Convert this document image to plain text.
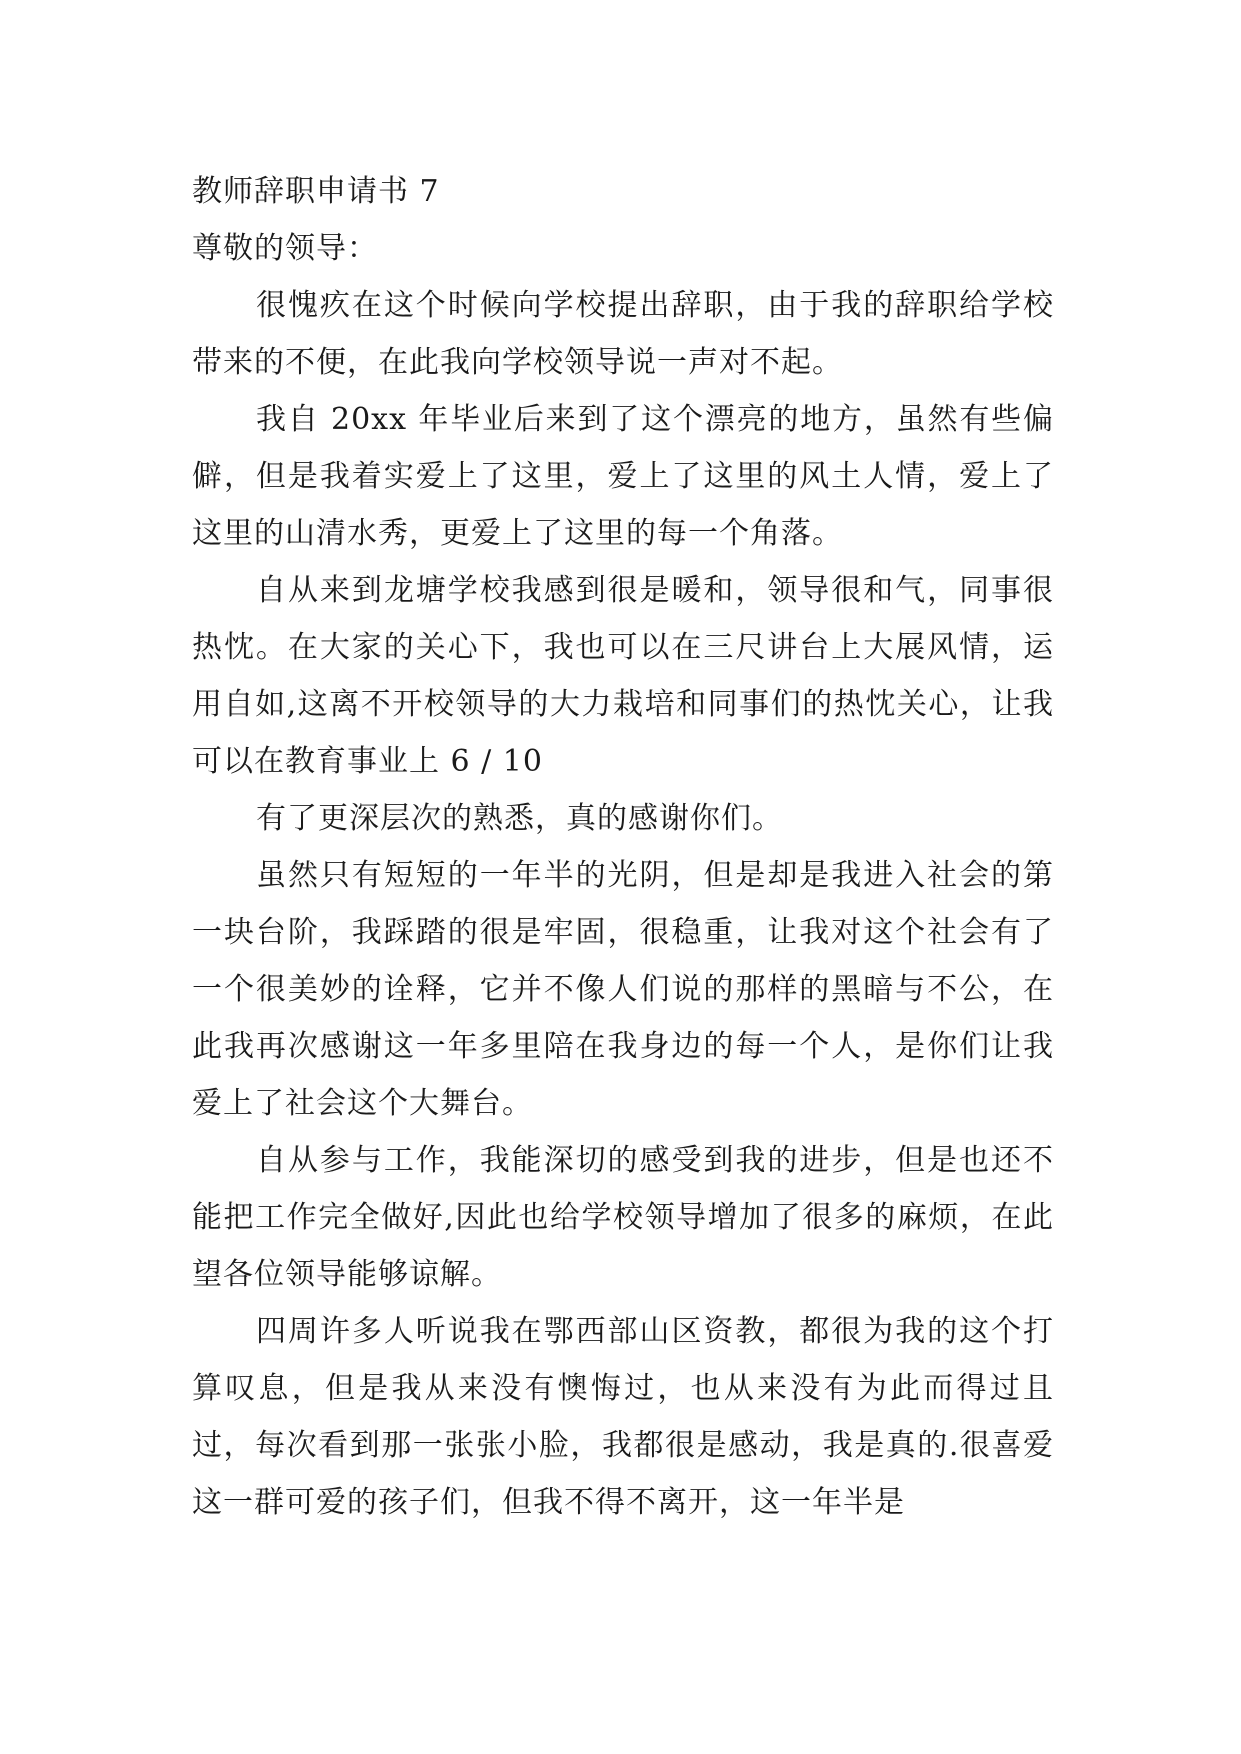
教师辞职申请书 7

尊敬的领导：

很愧疚在这个时候向学校提出辞职，由于我的辞职给学校带来的不便，在此我向学校领导说一声对不起。

我自 20xx 年毕业后来到了这个漂亮的地方，虽然有些偏僻，但是我着实爱上了这里，爱上了这里的风土人情，爱上了这里的山清水秀，更爱上了这里的每一个角落。

自从来到龙塘学校我感到很是暖和，领导很和气，同事很热忱。在大家的关心下，我也可以在三尺讲台上大展风情，运用自如,这离不开校领导的大力栽培和同事们的热忱关心，让我可以在教育事业上 6 / 10

有了更深层次的熟悉，真的感谢你们。

虽然只有短短的一年半的光阴，但是却是我进入社会的第一块台阶，我踩踏的很是牢固，很稳重，让我对这个社会有了一个很美妙的诠释，它并不像人们说的那样的黑暗与不公，在此我再次感谢这一年多里陪在我身边的每一个人，是你们让我爱上了社会这个大舞台。

自从参与工作，我能深切的感受到我的进步，但是也还不能把工作完全做好,因此也给学校领导增加了很多的麻烦，在此望各位领导能够谅解。

四周许多人听说我在鄂西部山区资教，都很为我的这个打算叹息，但是我从来没有懊悔过，也从来没有为此而得过且过，每次看到那一张张小脸，我都很是感动，我是真的.很喜爱这一群可爱的孩子们，但我不得不离开，这一年半是
